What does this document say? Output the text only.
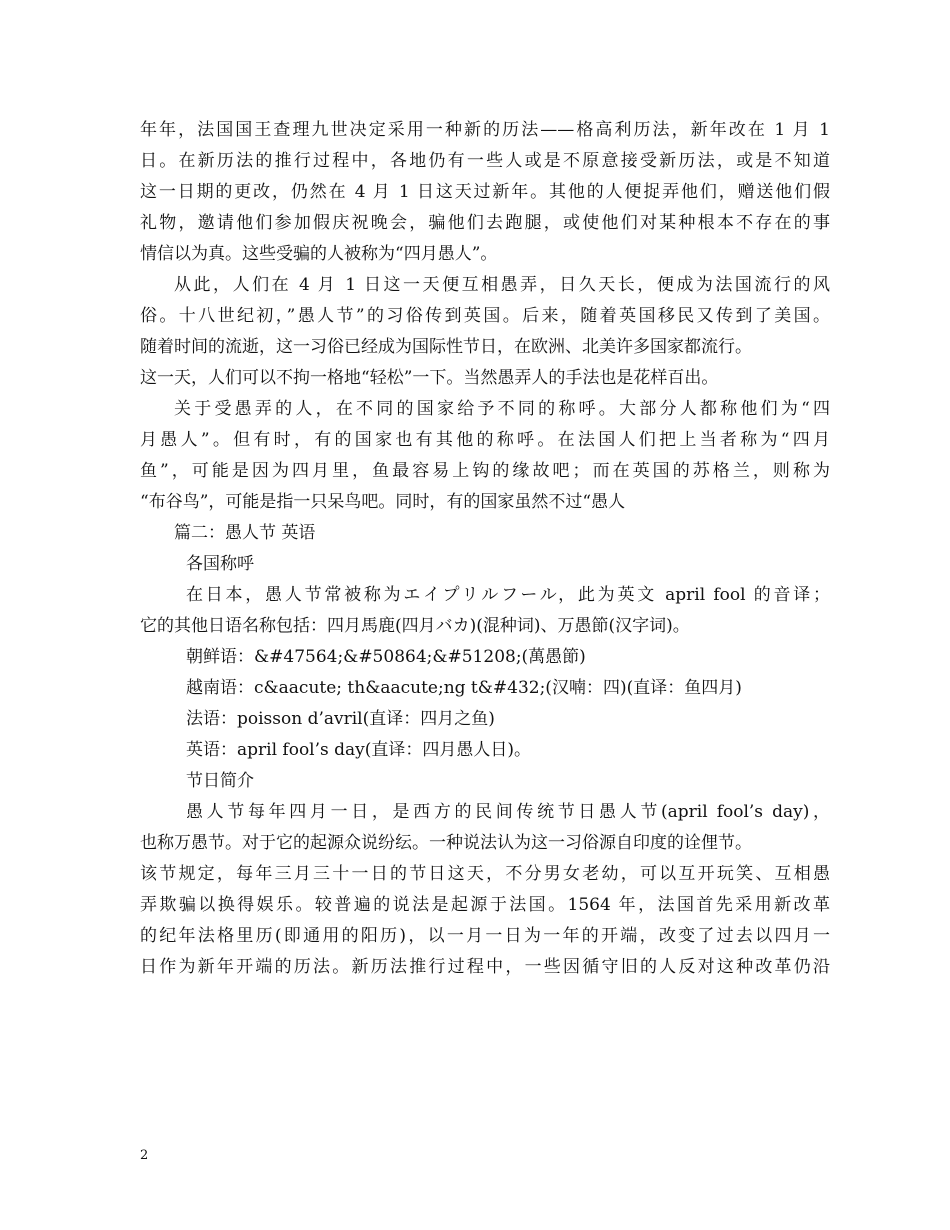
年年，法国国王查理九世决定采用一种新的历法——格高利历法，新年改在 1 月 1
日。在新历法的推行过程中，各地仍有一些人或是不原意接受新历法，或是不知道
这一日期的更改，仍然在 4 月 1 日这天过新年。其他的人便捉弄他们，赠送他们假
礼物，邀请他们参加假庆祝晚会，骗他们去跑腿，或使他们对某种根本不存在的事
情信以为真。这些受骗的人被称为“四月愚人”。
从此，人们在 4 月 1 日这一天便互相愚弄，日久天长，便成为法国流行的风
俗。十八世纪初，”愚人节”的习俗传到英国。后来，随着英国移民又传到了美国。
随着时间的流逝，这一习俗已经成为国际性节日，在欧洲、北美许多国家都流行。
这一天，人们可以不拘一格地“轻松”一下。当然愚弄人的手法也是花样百出。
关于受愚弄的人，在不同的国家给予不同的称呼。大部分人都称他们为“四
月愚人”。但有时，有的国家也有其他的称呼。在法国人们把上当者称为“四月
鱼”，可能是因为四月里，鱼最容易上钩的缘故吧；而在英国的苏格兰，则称为
“布谷鸟”，可能是指一只呆鸟吧。同时，有的国家虽然不过“愚人
篇二：愚人节 英语
各国称呼
在日本，愚人节常被称为エイプリルフール，此为英文 april fool 的音译；
它的其他日语名称包括：四月馬鹿(四月バカ)(混种词)、万愚節(汉字词)。
朝鲜语：&#47564;&#50864;&#51208;(萬愚節)
越南语：c&aacute; th&aacute;ng t&#432;(汉喃：四)(直译：鱼四月)
法语：poisson d’avril(直译：四月之鱼)
英语：april fool’s day(直译：四月愚人日)。
节日简介
愚人节每年四月一日，是西方的民间传统节日愚人节(april fool’s day)，
也称万愚节。对于它的起源众说纷纭。一种说法认为这一习俗源自印度的诠俚节。
该节规定，每年三月三十一日的节日这天，不分男女老幼，可以互开玩笑、互相愚
弄欺骗以换得娱乐。较普遍的说法是起源于法国。1564 年，法国首先采用新改革
的纪年法格里历(即通用的阳历)，以一月一日为一年的开端，改变了过去以四月一
日作为新年开端的历法。新历法推行过程中，一些因循守旧的人反对这种改革仍沿
2
